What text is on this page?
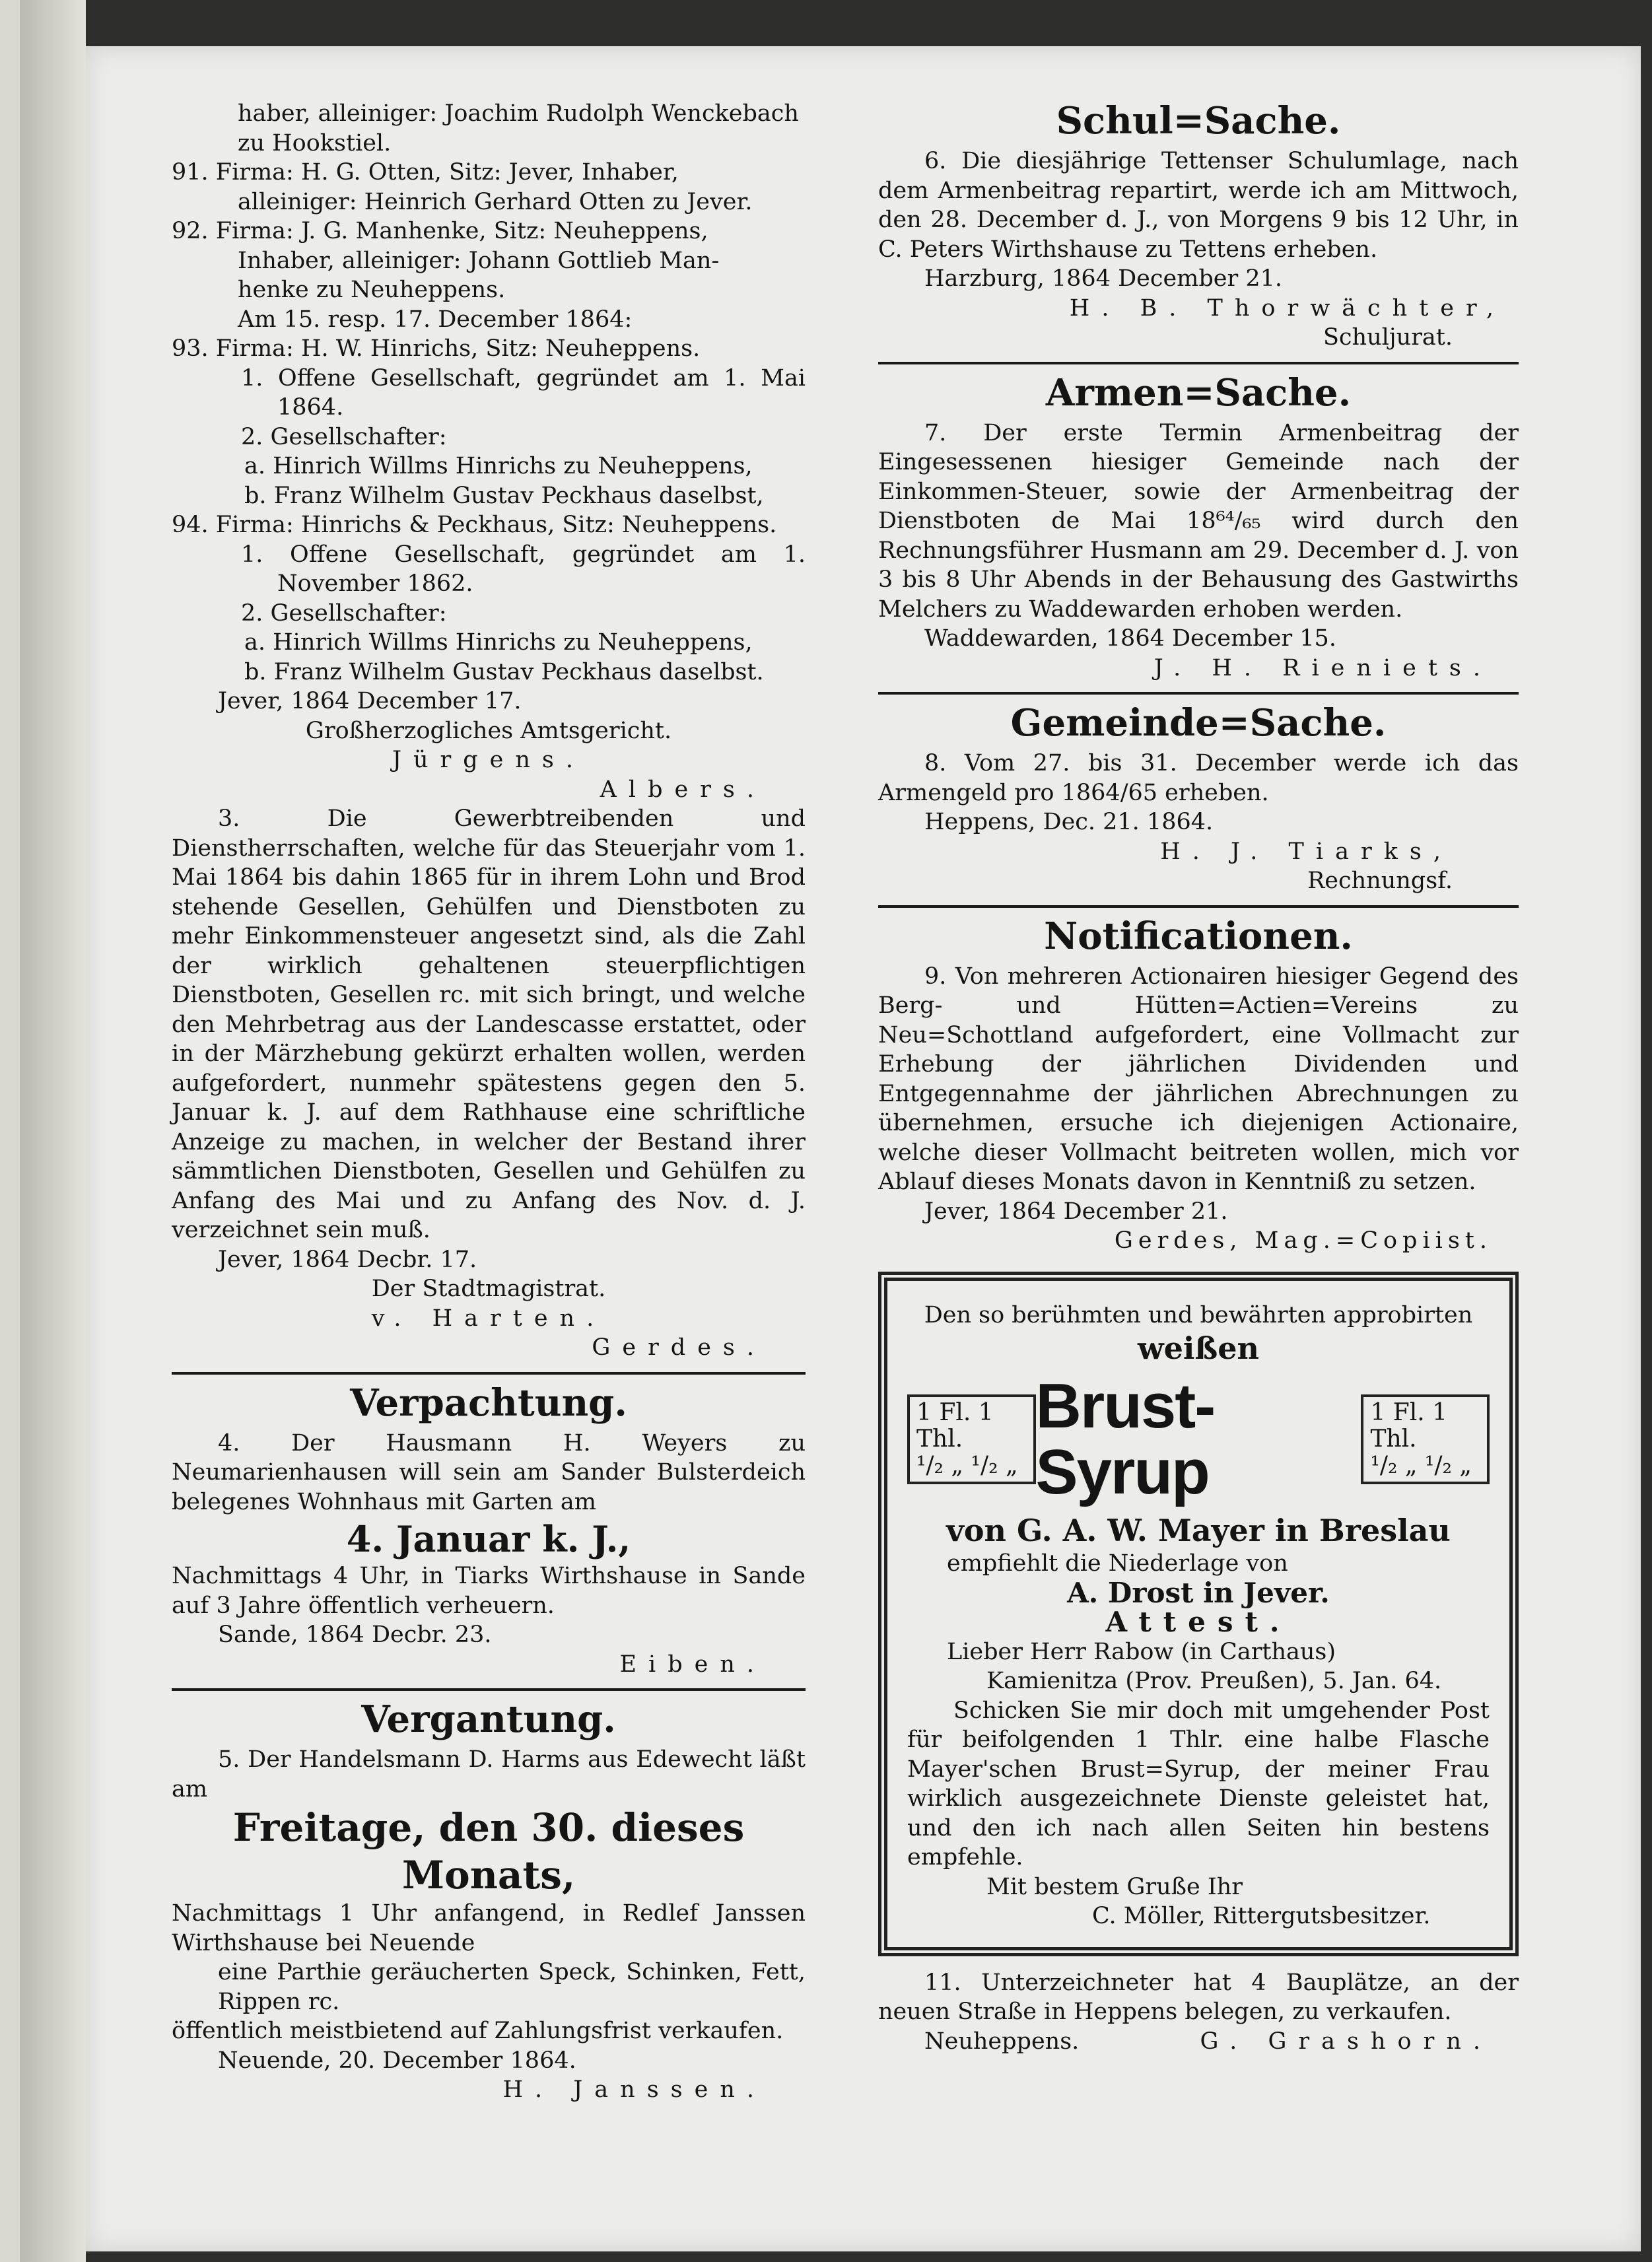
haber, alleiniger: Joachim Rudolph Wenckebach

zu Hookstiel.

91. Firma: H. G. Otten, Sitz: Jever, Inhaber,

alleiniger: Heinrich Gerhard Otten zu Jever.

92. Firma: J. G. Manhenke, Sitz: Neuheppens,

Inhaber, alleiniger: Johann Gottlieb Man-

henke zu Neuheppens.

Am 15. resp. 17. December 1864:

93. Firma: H. W. Hinrichs, Sitz: Neuheppens.

1. Offene Gesellschaft, gegründet am 1. Mai 1864.

2. Gesellschafter:

a. Hinrich Willms Hinrichs zu Neuheppens,

b. Franz Wilhelm Gustav Peckhaus daselbst,

94. Firma: Hinrichs & Peckhaus, Sitz: Neuheppens.

1. Offene Gesellschaft, gegründet am 1. November 1862.

2. Gesellschafter:

a. Hinrich Willms Hinrichs zu Neuheppens,

b. Franz Wilhelm Gustav Peckhaus daselbst.

Jever, 1864 December 17.

Großherzogliches Amtsgericht.

Jürgens.

Albers.

3. Die Gewerbtreibenden und Dienstherrschaften, welche für das Steuerjahr vom 1. Mai 1864 bis dahin 1865 für in ihrem Lohn und Brod stehende Gesellen, Gehülfen und Dienstboten zu mehr Einkommensteuer angesetzt sind, als die Zahl der wirklich gehaltenen steuerpflichtigen Dienstboten, Gesellen rc. mit sich bringt, und welche den Mehrbetrag aus der Landescasse erstattet, oder in der Märzhebung gekürzt erhalten wollen, werden aufgefordert, nunmehr spätestens gegen den 5. Januar k. J. auf dem Rathhause eine schriftliche Anzeige zu machen, in welcher der Bestand ihrer sämmtlichen Dienstboten, Gesellen und Gehülfen zu Anfang des Mai und zu Anfang des Nov. d. J. verzeichnet sein muß.

Jever, 1864 Decbr. 17.

Der Stadtmagistrat.

v. Harten.

Gerdes.

Verpachtung.

4. Der Hausmann H. Weyers zu Neumarienhausen will sein am Sander Bulsterdeich belegenes Wohnhaus mit Garten am

4. Januar k. J.,

Nachmittags 4 Uhr, in Tiarks Wirthshause in Sande auf 3 Jahre öffentlich verheuern.

Sande, 1864 Decbr. 23.

Eiben.

Vergantung.

5. Der Handelsmann D. Harms aus Edewecht läßt am

Freitage, den 30. dieses Monats,

Nachmittags 1 Uhr anfangend, in Redlef Janssen Wirthshause bei Neuende

eine Parthie geräucherten Speck, Schinken, Fett, Rippen rc.

öffentlich meistbietend auf Zahlungsfrist verkaufen.

Neuende, 20. December 1864.

H. Janssen.

Schul=Sache.

6. Die diesjährige Tettenser Schulumlage, nach dem Armenbeitrag repartirt, werde ich am Mittwoch, den 28. December d. J., von Morgens 9 bis 12 Uhr, in C. Peters Wirthshause zu Tettens erheben.

Harzburg, 1864 December 21.

H. B. Thorwächter,

Schuljurat.

Armen=Sache.

7. Der erste Termin Armenbeitrag der Eingesessenen hiesiger Gemeinde nach der Einkommen-Steuer, sowie der Armenbeitrag der Dienstboten de Mai 18⁶⁴/₆₅ wird durch den Rechnungsführer Husmann am 29. December d. J. von 3 bis 8 Uhr Abends in der Behausung des Gastwirths Melchers zu Waddewarden erhoben werden.

Waddewarden, 1864 December 15.

J. H. Rieniets.

Gemeinde=Sache.

8. Vom 27. bis 31. December werde ich das Armengeld pro 1864/65 erheben.

Heppens, Dec. 21. 1864.

H. J. Tiarks,

Rechnungsf.

Notificationen.

9. Von mehreren Actionairen hiesiger Gegend des Berg- und Hütten=Actien=Vereins zu Neu=Schottland aufgefordert, eine Vollmacht zur Erhebung der jährlichen Dividenden und Entgegennahme der jährlichen Abrechnungen zu übernehmen, ersuche ich diejenigen Actionaire, welche dieser Vollmacht beitreten wollen, mich vor Ablauf dieses Monats davon in Kenntniß zu setzen.

Jever, 1864 December 21.

Gerdes, Mag.=Copiist.

Den so berühmten und bewährten approbirten
weißen
1 Fl. 1 Thl.
¹/₂ „ ¹/₂ „
Brust-Syrup
1 Fl. 1 Thl.
¹/₂ „ ¹/₂ „
von G. A. W. Mayer in Breslau
empfiehlt die Niederlage von
A. Drost in Jever.
Attest.
Lieber Herr Rabow (in Carthaus)
Kamienitza (Prov. Preußen), 5. Jan. 64.

Schicken Sie mir doch mit umgehender Post für beifolgenden 1 Thlr. eine halbe Flasche Mayer'schen Brust=Syrup, der meiner Frau wirklich ausgezeichnete Dienste geleistet hat, und den ich nach allen Seiten hin bestens empfehle.

Mit bestem Gruße Ihr
C. Möller, Rittergutsbesitzer.

11. Unterzeichneter hat 4 Bauplätze, an der neuen Straße in Heppens belegen, zu verkaufen.

Neuheppens.	G. Grashorn.
